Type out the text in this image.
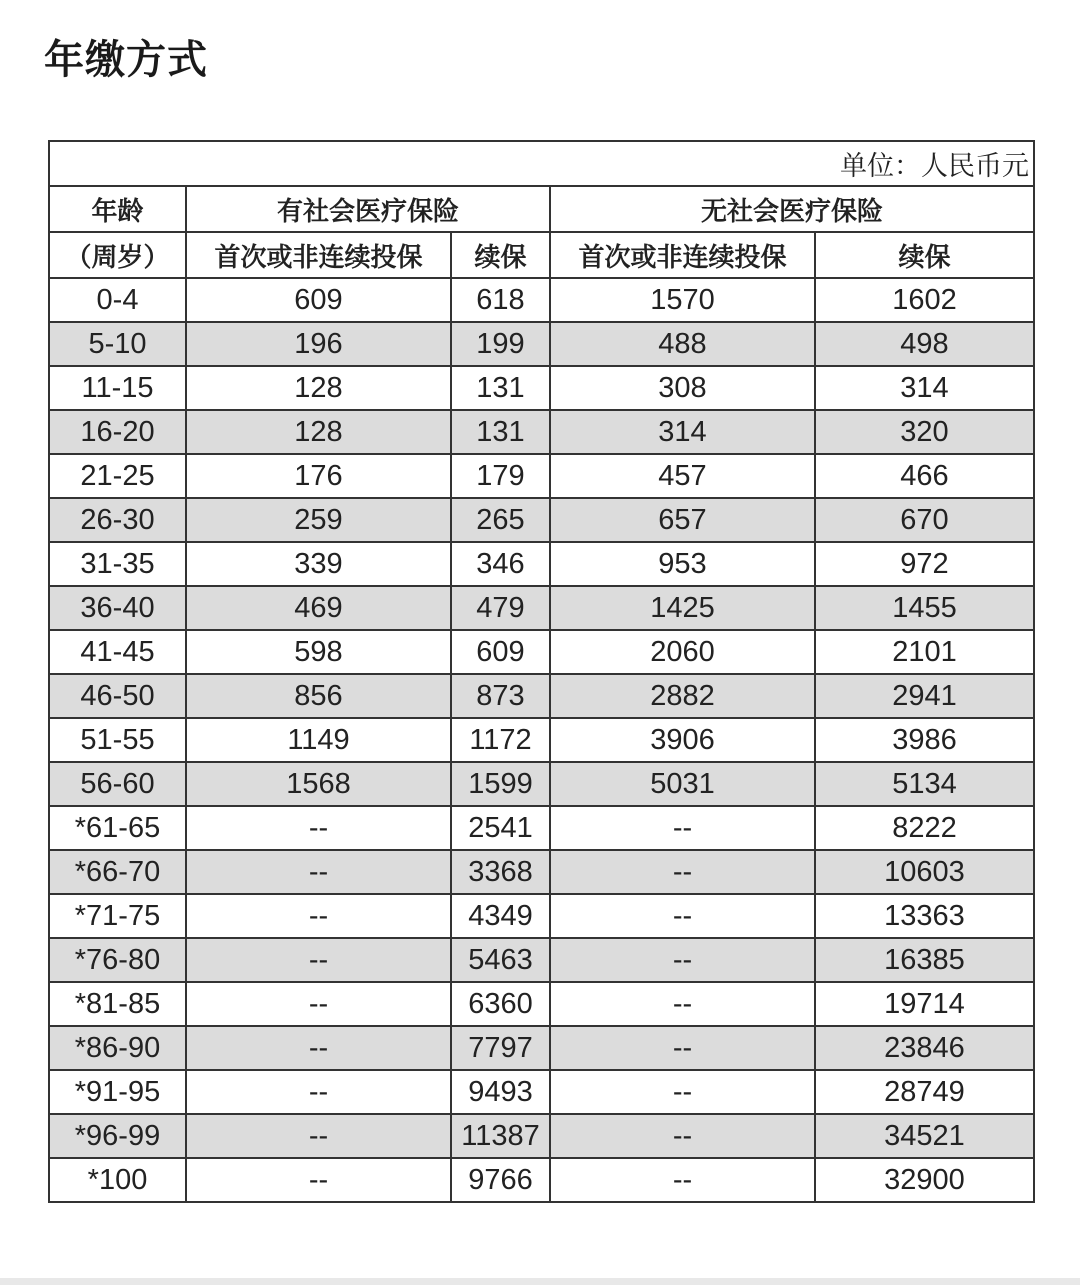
年缴方式
单位：人民币元				
年龄	有社会医疗保险		无社会医疗保险	
（周岁）	首次或非连续投保	续保	首次或非连续投保	续保
0-4	609	618	1570	1602
5-10	196	199	488	498
11-15	128	131	308	314
16-20	128	131	314	320
21-25	176	179	457	466
26-30	259	265	657	670
31-35	339	346	953	972
36-40	469	479	1425	1455
41-45	598	609	2060	2101
46-50	856	873	2882	2941
51-55	1149	1172	3906	3986
56-60	1568	1599	5031	5134
*61-65	--	2541	--	8222
*66-70	--	3368	--	10603
*71-75	--	4349	--	13363
*76-80	--	5463	--	16385
*81-85	--	6360	--	19714
*86-90	--	7797	--	23846
*91-95	--	9493	--	28749
*96-99	--	11387	--	34521
*100	--	9766	--	32900
